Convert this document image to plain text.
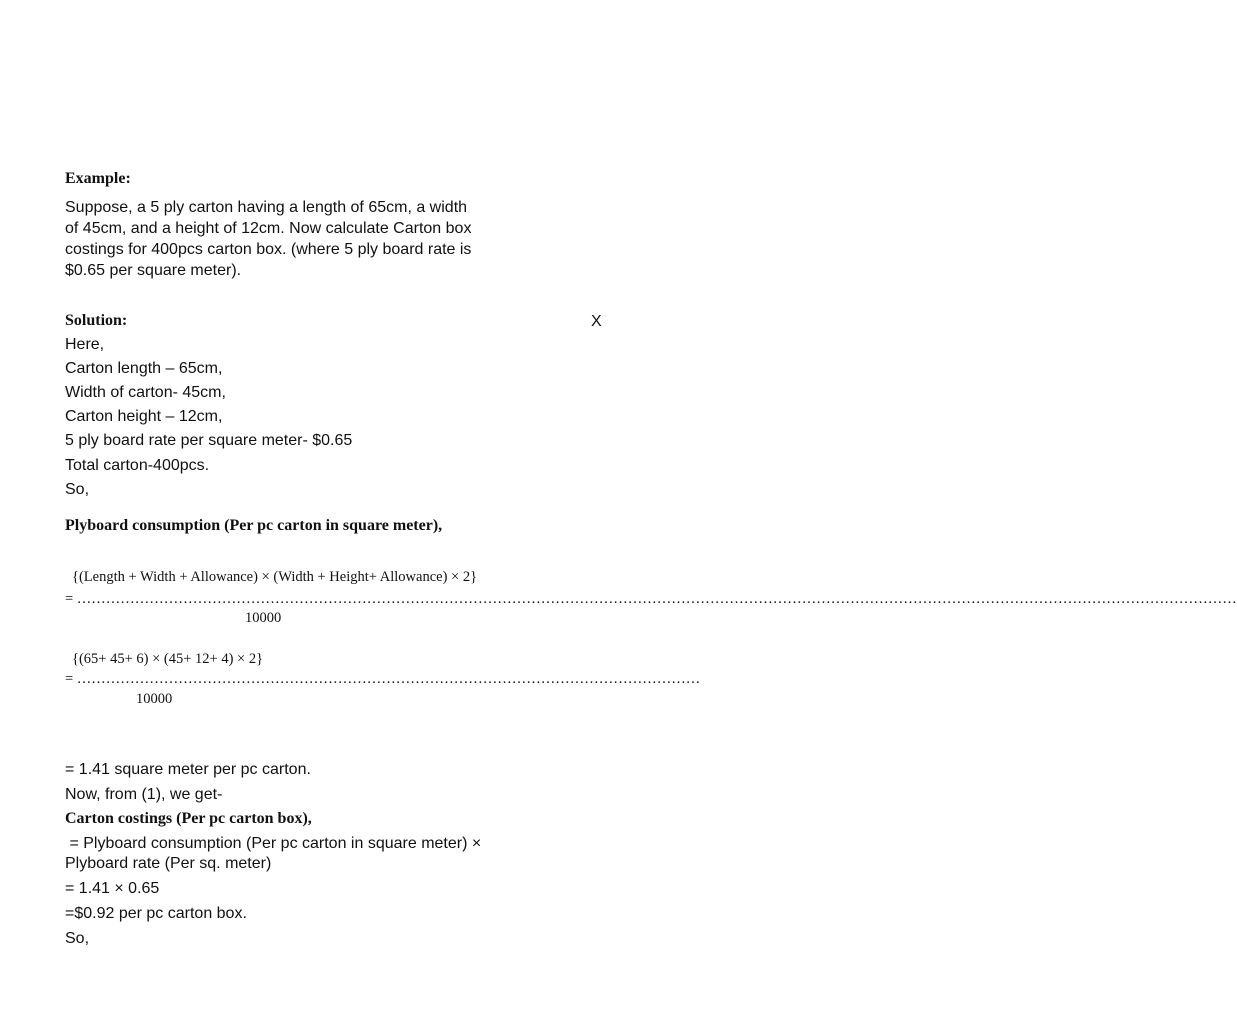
Example:
Suppose, a 5 ply carton having a length of 65cm, a width
of 45cm, and a height of 12cm. Now calculate Carton box
costings for 400pcs carton box. (where 5 ply board rate is
$0.65 per square meter).
Solution:	X
Here,
Carton length – 65cm,
Width of carton- 45cm,
Carton height – 12cm,
5 ply board rate per square meter- $0.65
Total carton-400pcs.
So,
Plyboard consumption (Per pc carton in square meter),
{(Length + Width + Allowance) × (Width + Height+ Allowance) × 2}
= ……………………………………………………………………………………………………………………………………………………………………………………………………………………
10000
{(65+ 45+ 6) × (45+ 12+ 4) × 2}
= …………………………………………………………………………………………………………………
10000
= 1.41 square meter per pc carton.
Now, from (1), we get-
Carton costings (Per pc carton box),
= Plyboard consumption (Per pc carton in square meter) ×
Plyboard rate (Per sq. meter)
= 1.41 × 0.65
=$0.92 per pc carton box.
So,
